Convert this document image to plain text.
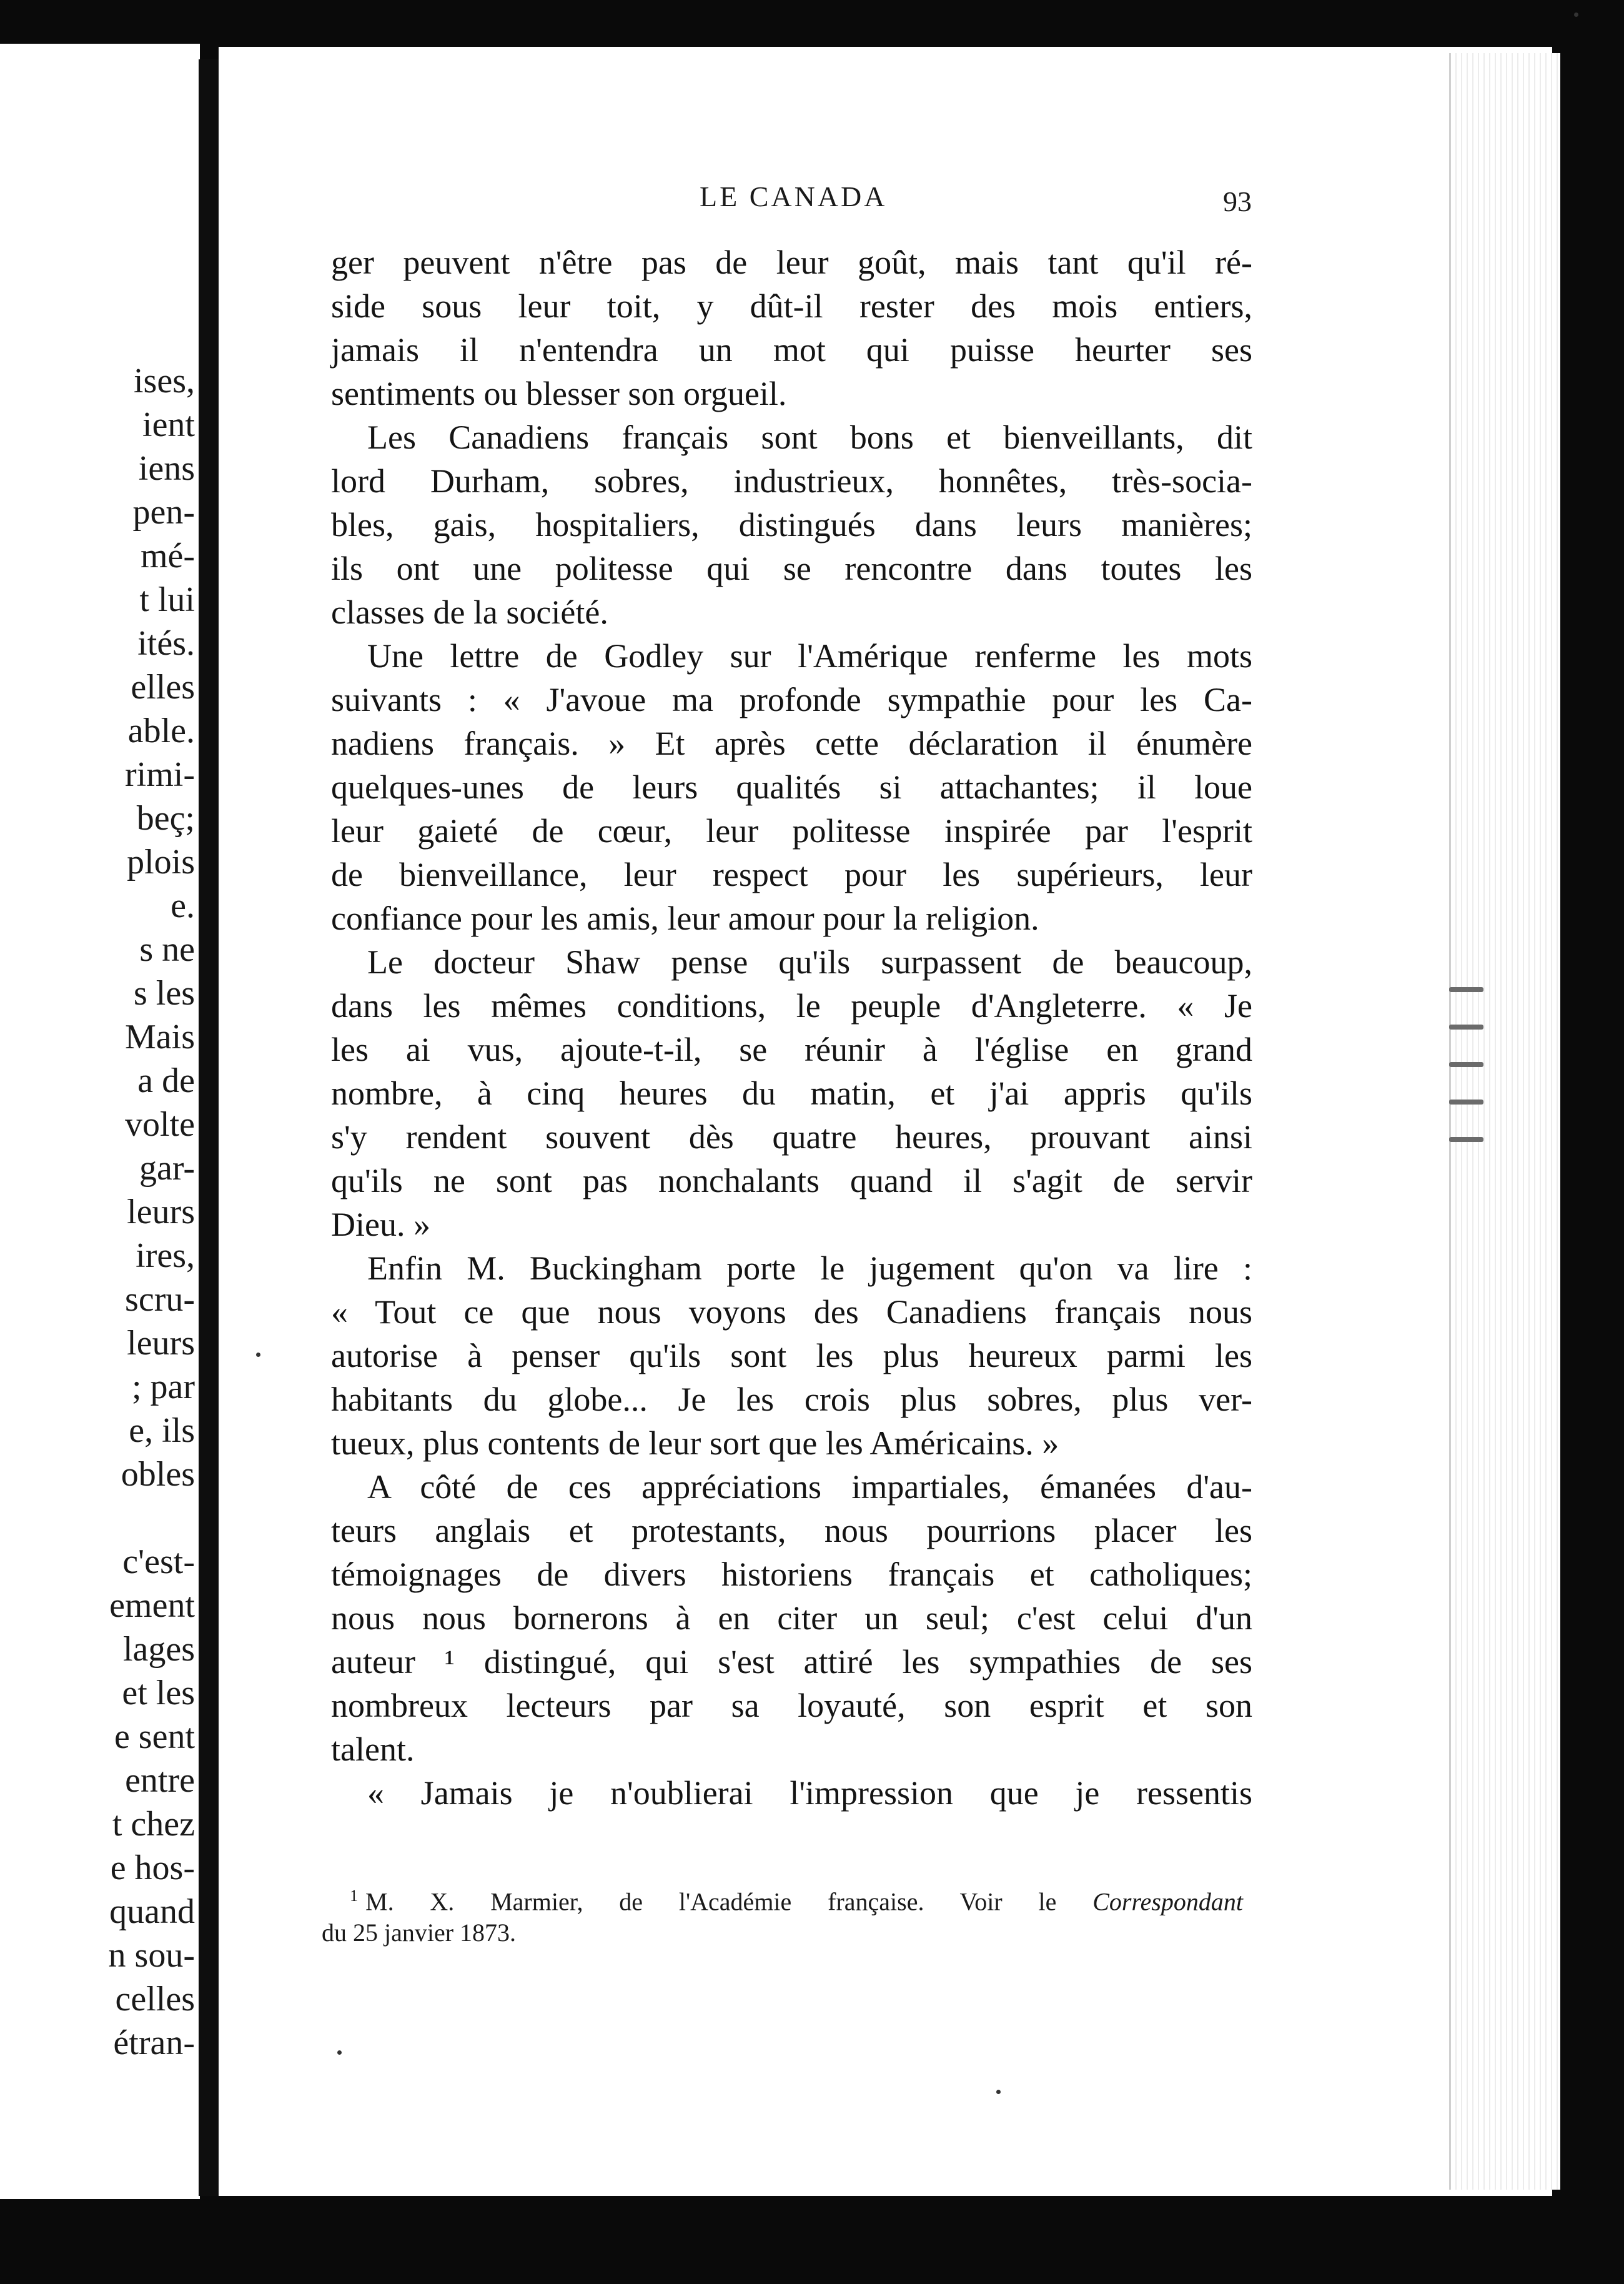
ises,
ient
iens
pen-
mé-
t lui
ités.
elles
able.
rimi-
beç;
plois
e.
s ne
s les
Mais
a de
volte
gar-
leurs
ires,
scru-
leurs
; par
e, ils
obles
c'est-
ement
lages
et les
e sent
entre
t chez
e hos-
quand
n sou-
celles
étran-
LE CANADA	93
ger peuvent n'être pas de leur goût, mais tant qu'il ré-
side sous leur toit, y dût-il rester des mois entiers,
jamais il n'entendra un mot qui puisse heurter ses
sentiments ou blesser son orgueil.
Les Canadiens français sont bons et bienveillants, dit
lord Durham, sobres, industrieux, honnêtes, très-socia-
bles, gais, hospitaliers, distingués dans leurs manières;
ils ont une politesse qui se rencontre dans toutes les
classes de la société.
Une lettre de Godley sur l'Amérique renferme les mots
suivants : « J'avoue ma profonde sympathie pour les Ca-
nadiens français. » Et après cette déclaration il énumère
quelques-unes de leurs qualités si attachantes; il loue
leur gaieté de cœur, leur politesse inspirée par l'esprit
de bienveillance, leur respect pour les supérieurs, leur
confiance pour les amis, leur amour pour la religion.
Le docteur Shaw pense qu'ils surpassent de beaucoup,
dans les mêmes conditions, le peuple d'Angleterre. « Je
les ai vus, ajoute-t-il, se réunir à l'église en grand
nombre, à cinq heures du matin, et j'ai appris qu'ils
s'y rendent souvent dès quatre heures, prouvant ainsi
qu'ils ne sont pas nonchalants quand il s'agit de servir
Dieu. »
Enfin M. Buckingham porte le jugement qu'on va lire :
« Tout ce que nous voyons des Canadiens français nous
autorise à penser qu'ils sont les plus heureux parmi les
habitants du globe... Je les crois plus sobres, plus ver-
tueux, plus contents de leur sort que les Américains. »
A côté de ces appréciations impartiales, émanées d'au-
teurs anglais et protestants, nous pourrions placer les
témoignages de divers historiens français et catholiques;
nous nous bornerons à en citer un seul; c'est celui d'un
auteur ¹ distingué, qui s'est attiré les sympathies de ses
nombreux lecteurs par sa loyauté, son esprit et son
talent.
« Jamais je n'oublierai l'impression que je ressentis
$^1$ M. X. Marmier, de l'Académie française. Voir le Correspondant
du 25 janvier 1873.
